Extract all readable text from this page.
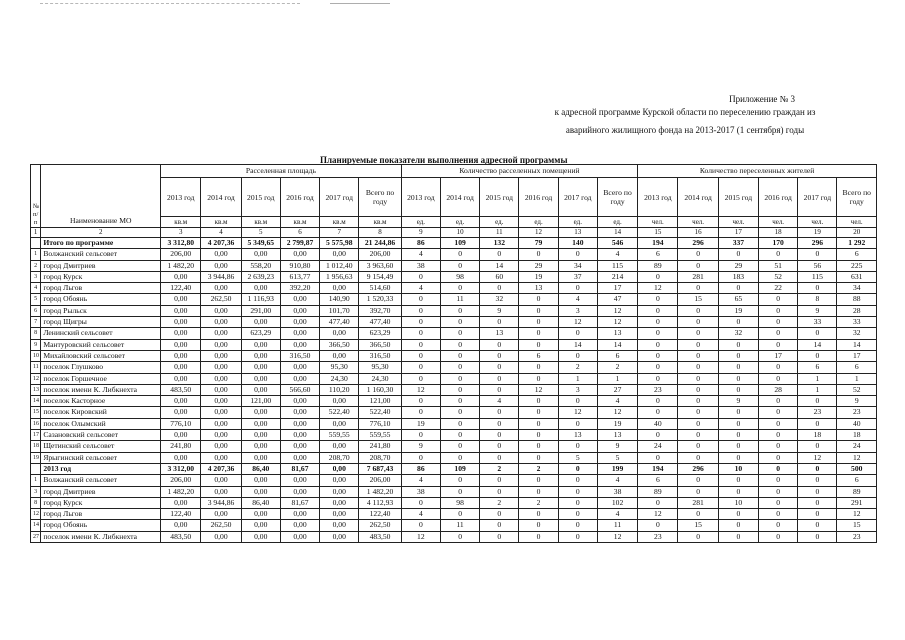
Приложение № 3
к адресной программе Курской области по переселению граждан из
аварийного жилищного фонда на 2013-2017 (1 сентября) годы
Планируемые показатели выполнения адресной программы
№ п/п	Наименование МО	Расселенная площадь						Количество расселенных помещений						Количество переселенных жителей					
		2013 год	2014 год	2015 год	2016 год	2017 год	Всего по году	2013 год	2014 год	2015 год	2016 год	2017 год	Всего по году	2013 год	2014 год	2015 год	2016 год	2017 год	Всего по году
		кв.м	кв.м	кв.м	кв.м	кв.м	кв.м	ед.	ед.	ед.	ед.	ед.	ед.	чел.	чел.	чел.	чел.	чел.	чел.
1	2	3	4	5	6	7	8	9	10	11	12	13	14	15	16	17	18	19	20
	Итого по программе	3 312,80	4 207,36	5 349,65	2 799,87	5 575,98	21 244,86	86	109	132	79	140	546	194	296	337	170	296	1 292
1	Волжанский сельсовет	206,00	0,00	0,00	0,00	0,00	206,00	4	0	0	0	0	4	6	0	0	0	0	6
2	город Дмитриев	1 482,20	0,00	558,20	910,80	1 012,40	3 963,60	38	0	14	29	34	115	89	0	29	51	56	225
3	город Курск	0,00	3 944,86	2 639,23	613,77	1 956,63	9 154,49	0	98	60	19	37	214	0	281	183	52	115	631
4	город Льгов	122,40	0,00	0,00	392,20	0,00	514,60	4	0	0	13	0	17	12	0	0	22	0	34
5	город Обоянь	0,00	262,50	1 116,93	0,00	140,90	1 520,33	0	11	32	0	4	47	0	15	65	0	8	88
6	город Рыльск	0,00	0,00	291,00	0,00	101,70	392,70	0	0	9	0	3	12	0	0	19	0	9	28
7	город Щигры	0,00	0,00	0,00	0,00	477,40	477,40	0	0	0	0	12	12	0	0	0	0	33	33
8	Ленинский сельсовет	0,00	0,00	623,29	0,00	0,00	623,29	0	0	13	0	0	13	0	0	32	0	0	32
9	Мантуровский сельсовет	0,00	0,00	0,00	0,00	366,50	366,50	0	0	0	0	14	14	0	0	0	0	14	14
10	Михайловский сельсовет	0,00	0,00	0,00	316,50	0,00	316,50	0	0	0	6	0	6	0	0	0	17	0	17
11	поселок Глушково	0,00	0,00	0,00	0,00	95,30	95,30	0	0	0	0	2	2	0	0	0	0	6	6
12	поселок Горшечное	0,00	0,00	0,00	0,00	24,30	24,30	0	0	0	0	1	1	0	0	0	0	1	1
13	поселок имени К. Либкнехта	483,50	0,00	0,00	566,60	110,20	1 160,30	12	0	0	12	3	27	23	0	0	28	1	52
14	поселок Касторное	0,00	0,00	121,00	0,00	0,00	121,00	0	0	4	0	0	4	0	0	9	0	0	9
15	поселок Кировский	0,00	0,00	0,00	0,00	522,40	522,40	0	0	0	0	12	12	0	0	0	0	23	23
16	поселок Олымский	776,10	0,00	0,00	0,00	0,00	776,10	19	0	0	0	0	19	40	0	0	0	0	40
17	Сазановский сельсовет	0,00	0,00	0,00	0,00	559,55	559,55	0	0	0	0	13	13	0	0	0	0	18	18
18	Щетинский сельсовет	241,80	0,00	0,00	0,00	0,00	241,80	9	0	0	0	0	9	24	0	0	0	0	24
19	Ярыгинский сельсовет	0,00	0,00	0,00	0,00	208,70	208,70	0	0	0	0	5	5	0	0	0	0	12	12
	2013 год	3 312,00	4 207,36	86,40	81,67	0,00	7 687,43	86	109	2	2	0	199	194	296	10	0	0	500
1	Волжанский сельсовет	206,00	0,00	0,00	0,00	0,00	206,00	4	0	0	0	0	4	6	0	0	0	0	6
3	город Дмитриев	1 482,20	0,00	0,00	0,00	0,00	1 482,20	38	0	0	0	0	38	89	0	0	0	0	89
8	город Курск	0,00	3 944,86	86,40	81,67	0,00	4 112,93	0	98	2	2	0	102	0	281	10	0	0	291
12	город Льгов	122,40	0,00	0,00	0,00	0,00	122,40	4	0	0	0	0	4	12	0	0	0	0	12
14	город Обоянь	0,00	262,50	0,00	0,00	0,00	262,50	0	11	0	0	0	11	0	15	0	0	0	15
27	поселок имени К. Либкнехта	483,50	0,00	0,00	0,00	0,00	483,50	12	0	0	0	0	12	23	0	0	0	0	23
